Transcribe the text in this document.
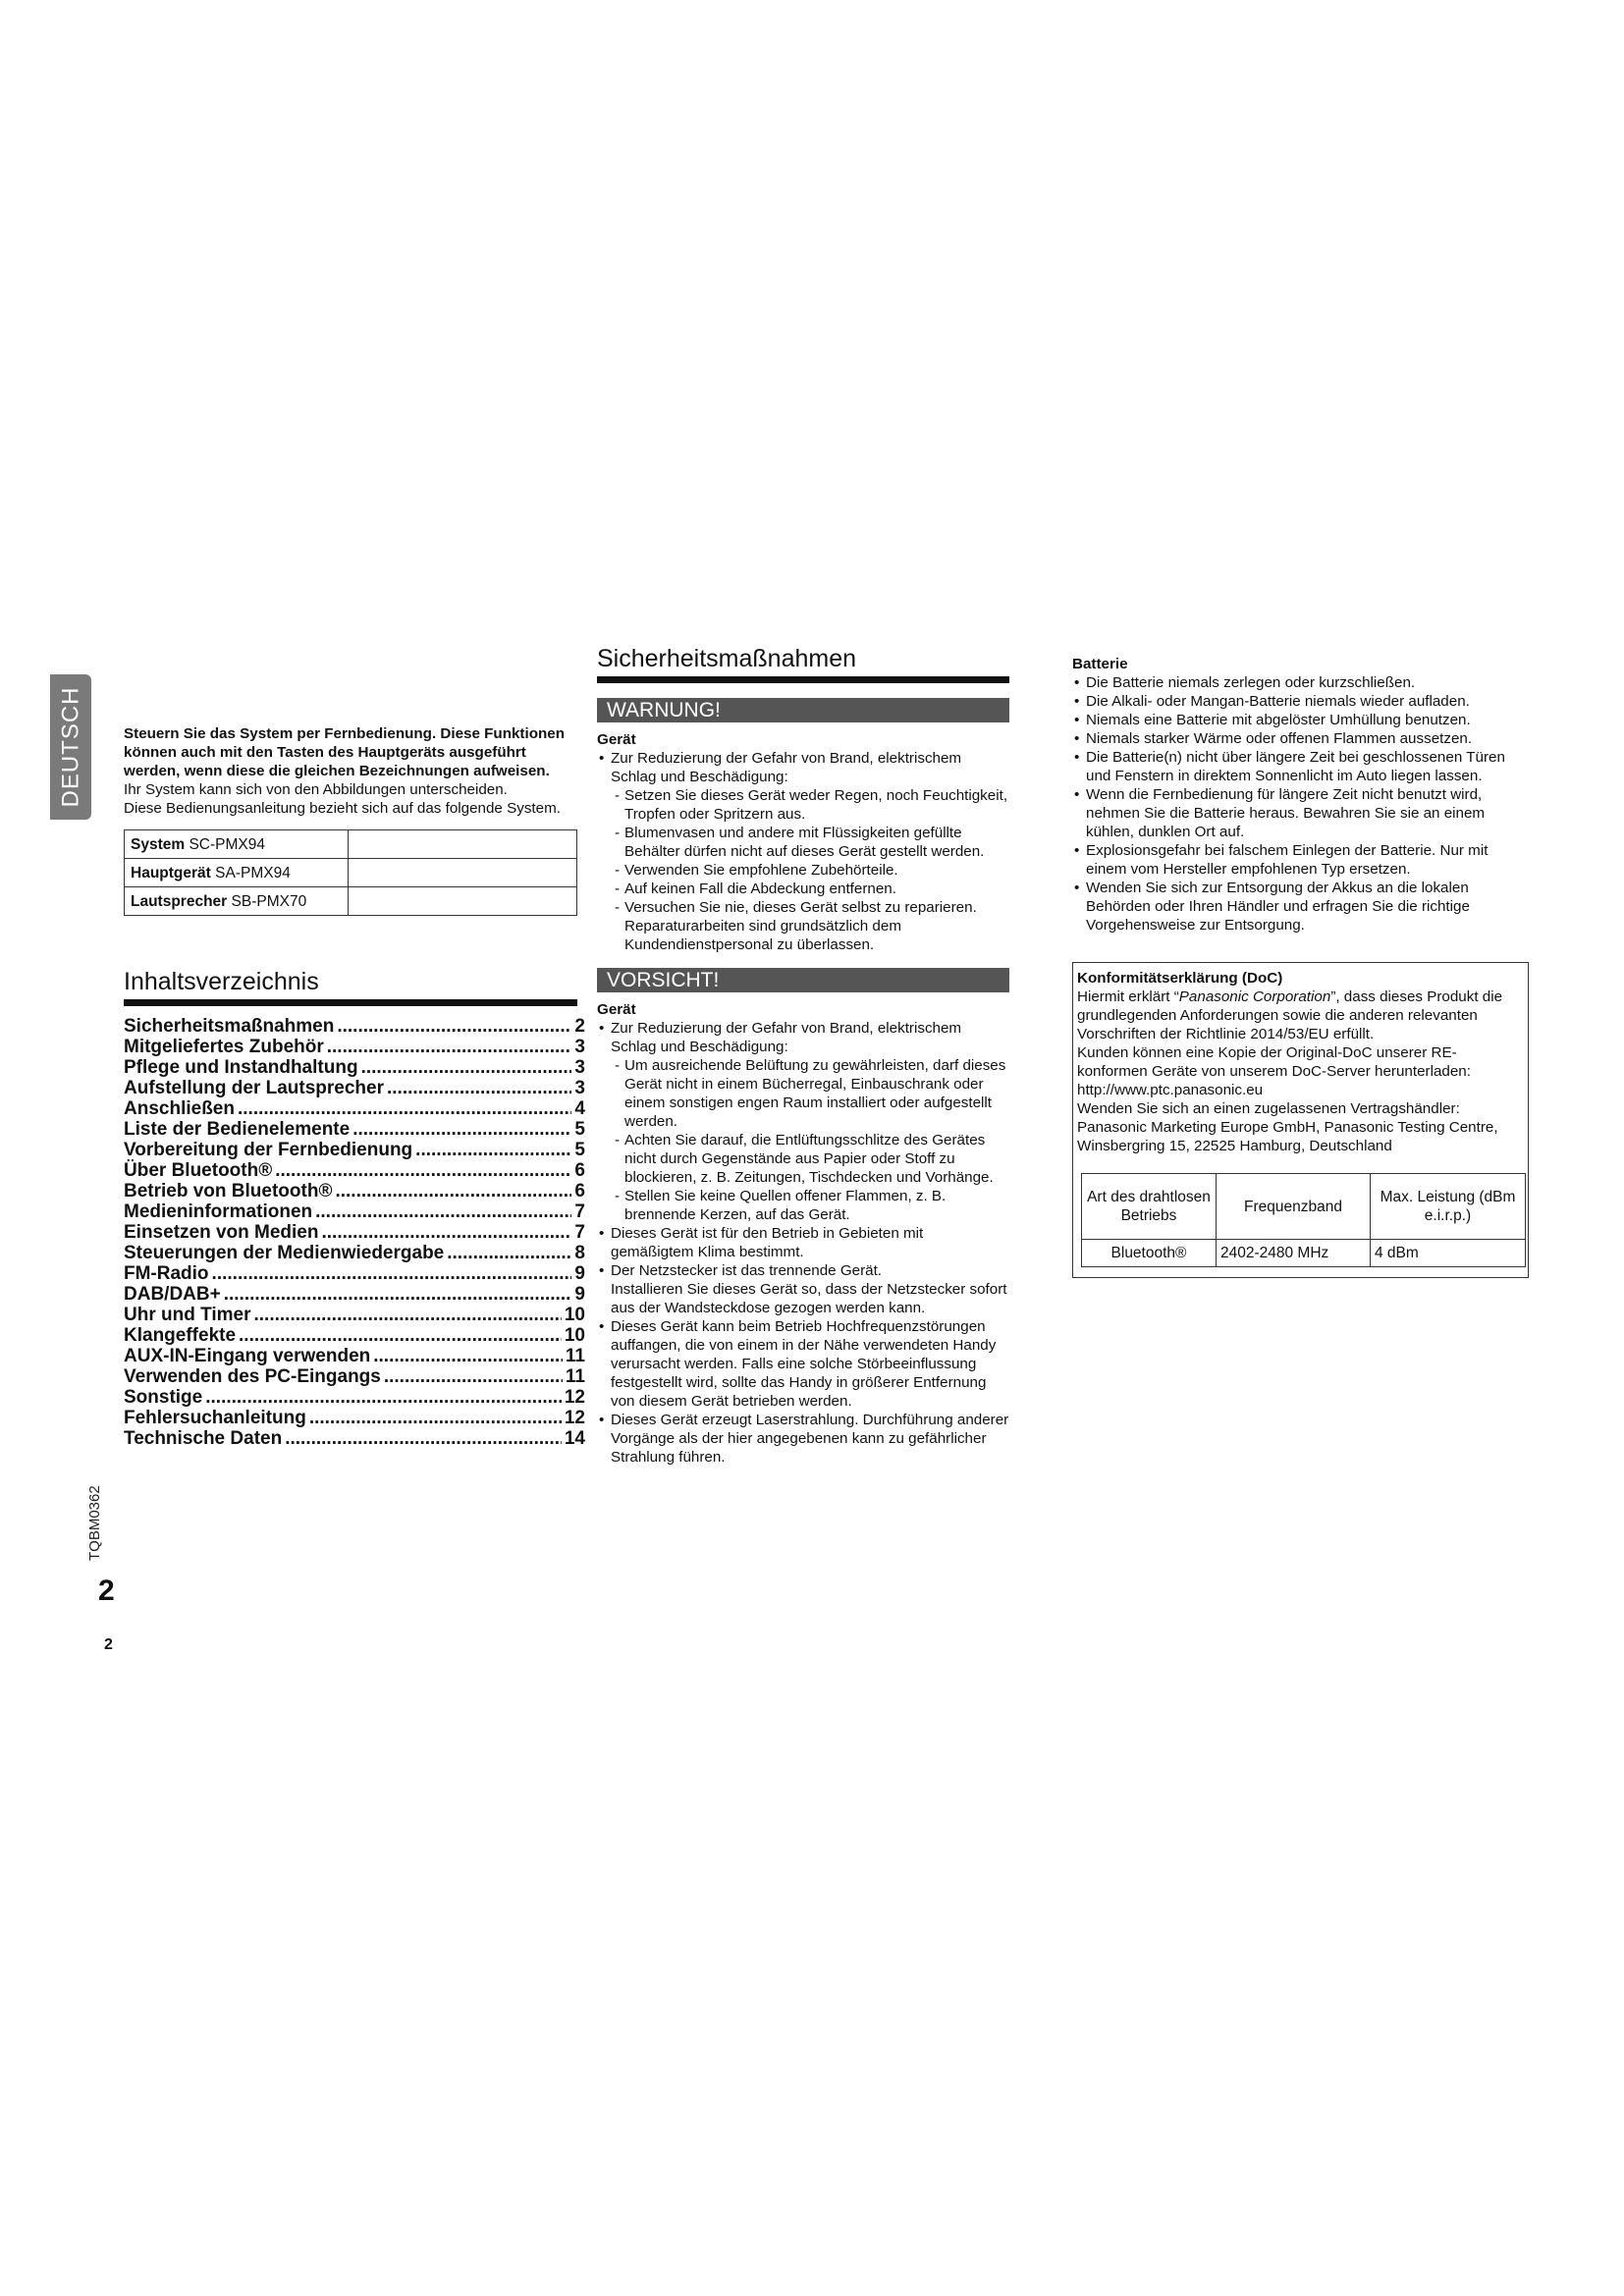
DEUTSCH
TQBM0362
2
2

Steuern Sie das System per Fernbedienung. Diese Funktionen können auch mit den Tasten des Hauptgeräts ausgeführt werden, wenn diese die gleichen Bezeichnungen aufweisen.

Ihr System kann sich von den Abbildungen unterscheiden.

Diese Bedienungsanleitung bezieht sich auf das folgende System.

System SC-PMX94	
Hauptgerät SA-PMX94	
Lautsprecher SB-PMX70	
Inhaltsverzeichnis
Sicherheitsmaßnahmen .....	2
Mitgeliefertes Zubehör .....	3
Pflege und Instandhaltung .....	3
Aufstellung der Lautsprecher .....	3
Anschließen .....	4
Liste der Bedienelemente .....	5
Vorbereitung der Fernbedienung .....	5
Über Bluetooth® .....	6
Betrieb von Bluetooth® .....	6
Medieninformationen .....	7
Einsetzen von Medien .....	7
Steuerungen der Medienwiedergabe .....	8
FM-Radio .....	9
DAB/DAB+ .....	9
Uhr und Timer .....	10
Klangeffekte .....	10
AUX-IN-Eingang verwenden .....	11
Verwenden des PC-Eingangs .....	11
Sonstige .....	12
Fehlersuchanleitung .....	12
Technische Daten .....	14
Sicherheitsmaßnahmen
WARNUNG!

Gerät

• Zur Reduzierung der Gefahr von Brand, elektrischem Schlag und Beschädigung:
- Setzen Sie dieses Gerät weder Regen, noch Feuchtigkeit, Tropfen oder Spritzern aus.
- Blumenvasen und andere mit Flüssigkeiten gefüllte Behälter dürfen nicht auf dieses Gerät gestellt werden.
- Verwenden Sie empfohlene Zubehörteile.
- Auf keinen Fall die Abdeckung entfernen.
- Versuchen Sie nie, dieses Gerät selbst zu reparieren. Reparaturarbeiten sind grundsätzlich dem Kundendienstpersonal zu überlassen.
VORSICHT!

Gerät

• Zur Reduzierung der Gefahr von Brand, elektrischem Schlag und Beschädigung:
- Um ausreichende Belüftung zu gewährleisten, darf dieses Gerät nicht in einem Bücherregal, Einbauschrank oder einem sonstigen engen Raum installiert oder aufgestellt werden.
- Achten Sie darauf, die Entlüftungsschlitze des Gerätes nicht durch Gegenstände aus Papier oder Stoff zu blockieren, z. B. Zeitungen, Tischdecken und Vorhänge.
- Stellen Sie keine Quellen offener Flammen, z. B. brennende Kerzen, auf das Gerät.
• Dieses Gerät ist für den Betrieb in Gebieten mit gemäßigtem Klima bestimmt.
• Der Netzstecker ist das trennende Gerät.
Installieren Sie dieses Gerät so, dass der Netzstecker sofort aus der Wandsteckdose gezogen werden kann.
• Dieses Gerät kann beim Betrieb Hochfrequenzstörungen auffangen, die von einem in der Nähe verwendeten Handy verursacht werden. Falls eine solche Störbeeinflussung festgestellt wird, sollte das Handy in größerer Entfernung von diesem Gerät betrieben werden.
• Dieses Gerät erzeugt Laserstrahlung. Durchführung anderer Vorgänge als der hier angegebenen kann zu gefährlicher Strahlung führen.

Batterie

• Die Batterie niemals zerlegen oder kurzschließen.
• Die Alkali- oder Mangan-Batterie niemals wieder aufladen.
• Niemals eine Batterie mit abgelöster Umhüllung benutzen.
• Niemals starker Wärme oder offenen Flammen aussetzen.
• Die Batterie(n) nicht über längere Zeit bei geschlossenen Türen und Fenstern in direktem Sonnenlicht im Auto liegen lassen.
• Wenn die Fernbedienung für längere Zeit nicht benutzt wird, nehmen Sie die Batterie heraus. Bewahren Sie sie an einem kühlen, dunklen Ort auf.
• Explosionsgefahr bei falschem Einlegen der Batterie. Nur mit einem vom Hersteller empfohlenen Typ ersetzen.
• Wenden Sie sich zur Entsorgung der Akkus an die lokalen Behörden oder Ihren Händler und erfragen Sie die richtige Vorgehensweise zur Entsorgung.

Konformitätserklärung (DoC)

Hiermit erklärt “Panasonic Corporation”, dass dieses Produkt die grundlegenden Anforderungen sowie die anderen relevanten Vorschriften der Richtlinie 2014/53/EU erfüllt.

Kunden können eine Kopie der Original-DoC unserer RE-konformen Geräte von unserem DoC-Server herunterladen:

http://www.ptc.panasonic.eu

Wenden Sie sich an einen zugelassenen Vertragshändler: Panasonic Marketing Europe GmbH, Panasonic Testing Centre, Winsbergring 15, 22525 Hamburg, Deutschland

Art des drahtlosen Betriebs	Frequenzband	Max. Leistung (dBm e.i.r.p.)
Bluetooth®	2402-2480 MHz	4 dBm
